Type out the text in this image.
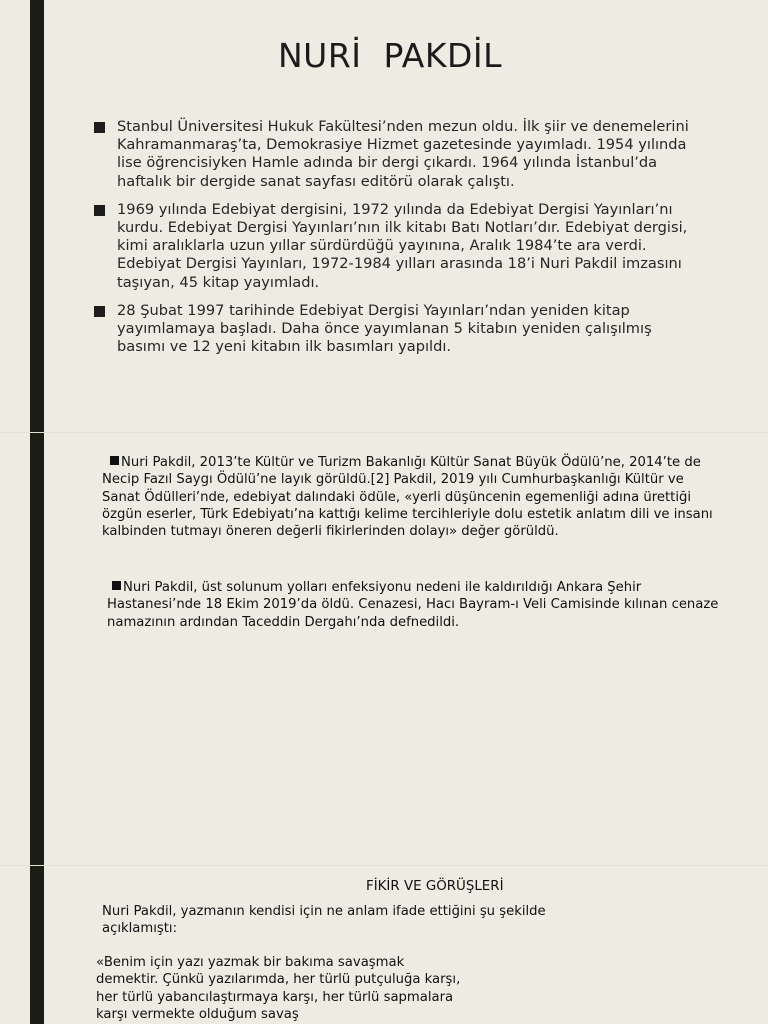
NURİ  PAKDİL
Stanbul Üniversitesi Hukuk Fakültesi’nden mezun oldu. İlk şiir ve denemelerini Kahramanmaraş’ta, Demokrasiye Hizmet gazetesinde yayımladı. 1954 yılında lise öğrencisiyken Hamle adında bir dergi çıkardı. 1964 yılında İstanbul’da haftalık bir dergide sanat sayfası editörü olarak çalıştı.
1969 yılında Edebiyat dergisini, 1972 yılında da Edebiyat Dergisi Yayınları’nı kurdu. Edebiyat Dergisi Yayınları’nın ilk kitabı Batı Notları’dır. Edebiyat dergisi, kimi aralıklarla uzun yıllar sürdürdüğü yayınına, Aralık 1984’te ara verdi. Edebiyat Dergisi Yayınları, 1972-1984 yılları arasında 18’i Nuri Pakdil imzasını taşıyan, 45 kitap yayımladı.
28 Şubat 1997 tarihinde Edebiyat Dergisi Yayınları’ndan yeniden kitap yayımlamaya başladı. Daha önce yayımlanan 5 kitabın yeniden çalışılmış basımı ve 12 yeni kitabın ilk basımları yapıldı.

Nuri Pakdil, 2013’te Kültür ve Turizm Bakanlığı Kültür Sanat Büyük Ödülü’ne, 2014’te de Necip Fazıl Saygı Ödülü’ne layık görüldü.[2] Pakdil, 2019 yılı Cumhurbaşkanlığı Kültür ve Sanat Ödülleri’nde, edebiyat dalındaki ödüle, «yerli düşüncenin egemenliği adına ürettiği özgün eserler, Türk Edebiyatı’na kattığı kelime tercihleriyle dolu estetik anlatım dili ve insanı kalbinden tutmayı öneren değerli fikirlerinden dolayı» değer görüldü.

Nuri Pakdil, üst solunum yolları enfeksiyonu nedeni ile kaldırıldığı Ankara Şehir Hastanesi’nde 18 Ekim 2019’da öldü. Cenazesi, Hacı Bayram-ı Veli Camisinde kılınan cenaze namazının ardından Taceddin Dergahı’nda defnedildi.

FİKİR VE GÖRÜŞLERİ

Nuri Pakdil, yazmanın kendisi için ne anlam ifade ettiğini şu şekilde açıklamıştı:

«Benim için yazı yazmak bir bakıma savaşmak demektir. Çünkü yazılarımda, her türlü putçuluğa karşı, her türlü yabancılaştırmaya karşı, her türlü sapmalara karşı vermekte olduğum savaş
